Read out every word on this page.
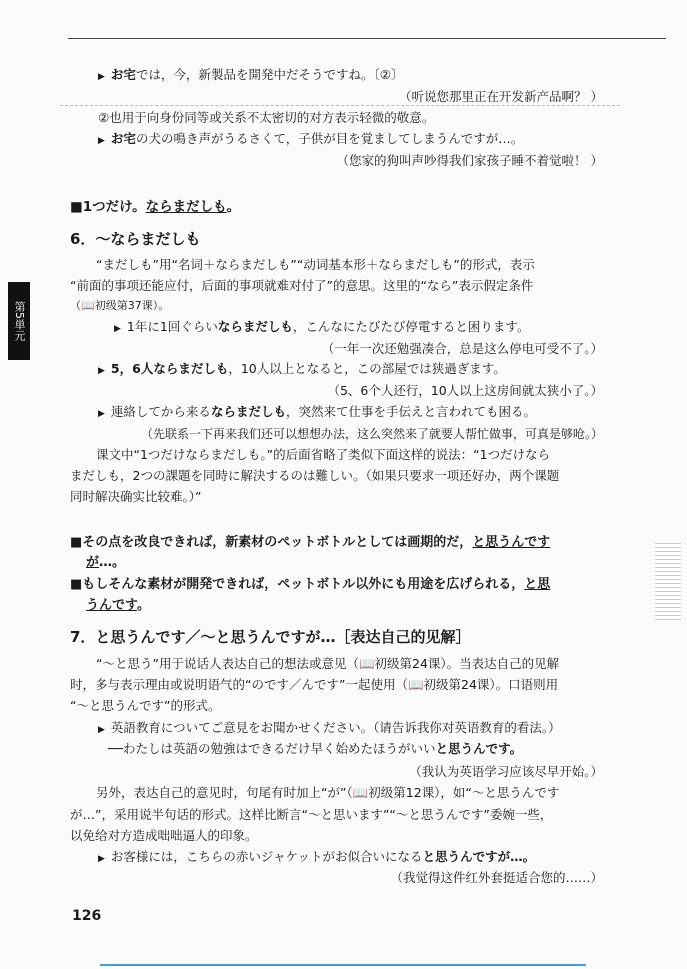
第5単元
▶ お宅では，今，新製品を開発中だそうですね。〔②〕
（听说您那里正在开发新产品啊？ ）
②也用于向身份同等或关系不太密切的对方表示轻微的敬意。
▶ お宅の犬の鳴き声がうるさくて，子供が目を覚ましてしまうんですが…。
（您家的狗叫声吵得我们家孩子睡不着觉啦！ ）
■1つだけ。ならまだしも。
6．～ならまだしも
“まだしも”用“名词＋ならまだしも”“动词基本形＋ならまだしも”的形式，表示
“前面的事项还能应付，后面的事项就难对付了”的意思。这里的“なら”表示假定条件
（📖初级第37课）。
▶ 1年に1回ぐらいならまだしも，こんなにたびたび停電すると困ります。
（一年一次还勉强凑合，总是这么停电可受不了。）
▶ 5，6人ならまだしも，10人以上となると，この部屋では狭過ぎます。
（5、6个人还行，10人以上这房间就太狭小了。）
▶ 連絡してから来るならまだしも，突然来て仕事を手伝えと言われても困る。
（先联系一下再来我们还可以想想办法，这么突然来了就要人帮忙做事，可真是够呛。）
课文中“1つだけならまだしも。”的后面省略了类似下面这样的说法：“1つだけなら
まだしも，2つの課題を同時に解決するのは難しい。（如果只要求一项还好办，两个课题
同时解决确实比较难。）”
■その点を改良できれば，新素材のペットボトルとしては画期的だ，と思うんです
が…。
■もしそんな素材が開発できれば，ペットボトル以外にも用途を広げられる，と思
うんです。
7．と思うんです／～と思うんですが…［表达自己的见解］
“～と思う”用于说话人表达自己的想法或意见（📖初级第24课）。当表达自己的见解
时，多与表示理由或说明语气的“のです／んです”一起使用（📖初级第24课）。口语则用
“～と思うんです”的形式。
▶ 英語教育についてご意見をお聞かせください。（请告诉我你对英语教育的看法。）
──わたしは英語の勉強はできるだけ早く始めたほうがいいと思うんです。
（我认为英语学习应该尽早开始。）
另外，表达自己的意见时，句尾有时加上“が”（📖初级第12课），如“～と思うんです
が…”，采用说半句话的形式。这样比断言“～と思います”“～と思うんです”委婉一些，
以免给对方造成咄咄逼人的印象。
▶ お客様には，こちらの赤いジャケットがお似合いになると思うんですが…。
（我觉得这件红外套挺适合您的……）
126
